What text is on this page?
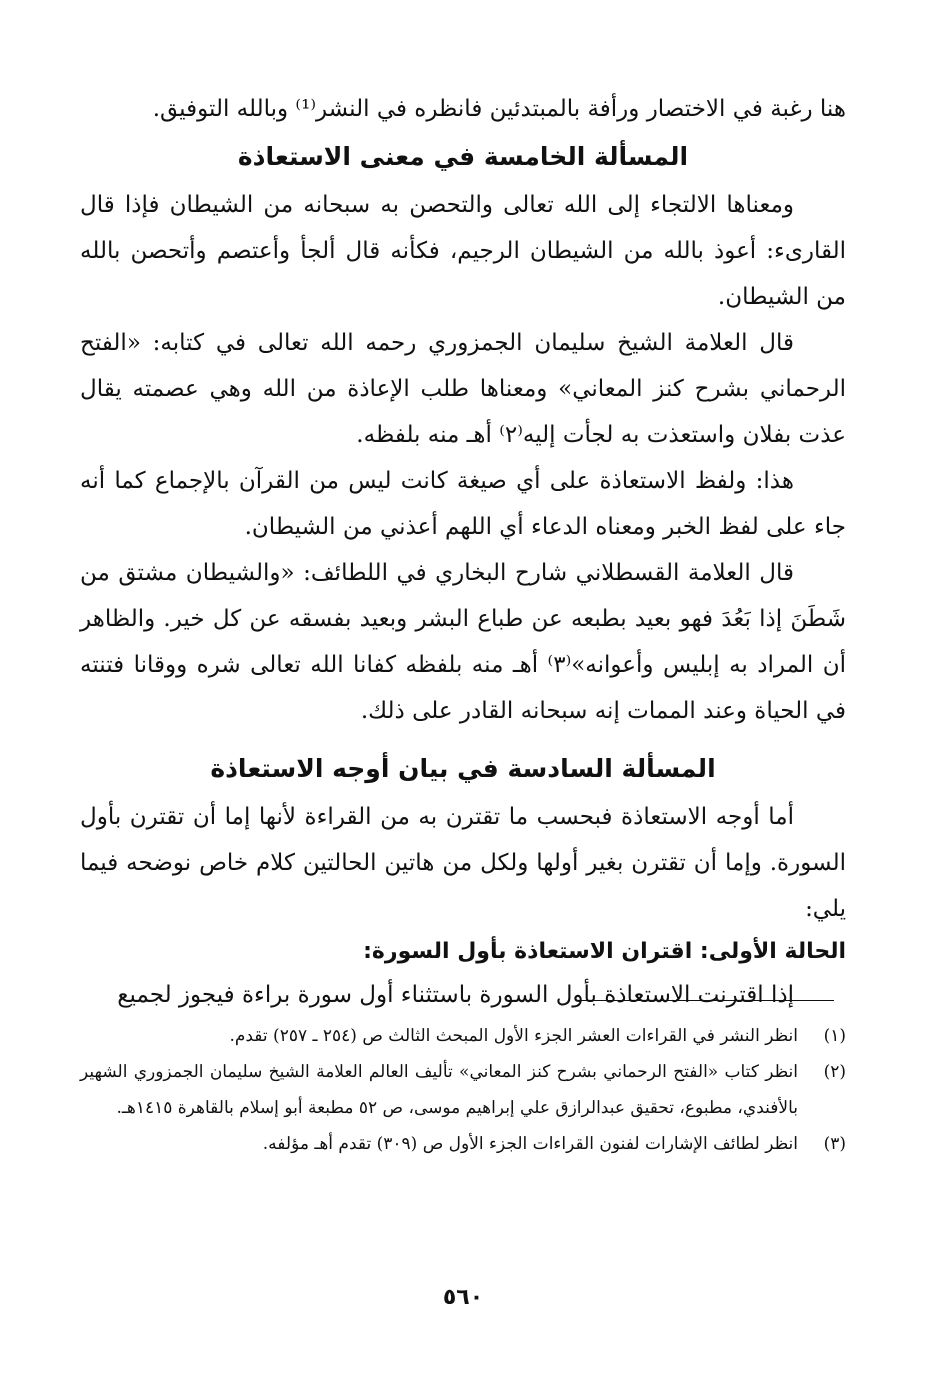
هنا رغبة في الاختصار ورأفة بالمبتدئين فانظره في النشر⁽¹⁾ وبالله التوفيق.

المسألة الخامسة في معنى الاستعاذة

ومعناها الالتجاء إلى الله تعالى والتحصن به سبحانه من الشيطان فإذا قال القارىء: أعوذ بالله من الشيطان الرجيم، فكأنه قال ألجأ وأعتصم وأتحصن بالله من الشيطان.

قال العلامة الشيخ سليمان الجمزوري رحمه الله تعالى في كتابه: «الفتح الرحماني بشرح كنز المعاني» ومعناها طلب الإعاذة من الله وهي عصمته يقال عذت بفلان واستعذت به لجأت إليه⁽٢⁾ أهـ منه بلفظه.

هذا: ولفظ الاستعاذة على أي صيغة كانت ليس من القرآن بالإجماع كما أنه جاء على لفظ الخبر ومعناه الدعاء أي اللهم أعذني من الشيطان.

قال العلامة القسطلاني شارح البخاري في اللطائف: «والشيطان مشتق من شَطَنَ إذا بَعُدَ فهو بعيد بطبعه عن طباع البشر وبعيد بفسقه عن كل خير. والظاهر أن المراد به إبليس وأعوانه»⁽٣⁾ أهـ منه بلفظه كفانا الله تعالى شره ووقانا فتنته في الحياة وعند الممات إنه سبحانه القادر على ذلك.

المسألة السادسة في بيان أوجه الاستعاذة

أما أوجه الاستعاذة فبحسب ما تقترن به من القراءة لأنها إما أن تقترن بأول السورة. وإما أن تقترن بغير أولها ولكل من هاتين الحالتين كلام خاص نوضحه فيما يلي:

الحالة الأولى: اقتران الاستعاذة بأول السورة:

إذا اقترنت الاستعاذة بأول السورة باستثناء أول سورة براءة فيجوز لجميع

(١)
انظر النشر في القراءات العشر الجزء الأول المبحث الثالث ص (٢٥٤ ـ ٢٥٧) تقدم.
(٢)
انظر كتاب «الفتح الرحماني بشرح كنز المعاني» تأليف العالم العلامة الشيخ سليمان الجمزوري الشهير بالأفندي، مطبوع، تحقيق عبدالرازق علي إبراهيم موسى، ص ٥٢ مطبعة أبو إسلام بالقاهرة ١٤١٥هـ.
(٣)
انظر لطائف الإشارات لفنون القراءات الجزء الأول ص (٣٠٩) تقدم أهـ مؤلفه.
٥٦٠
